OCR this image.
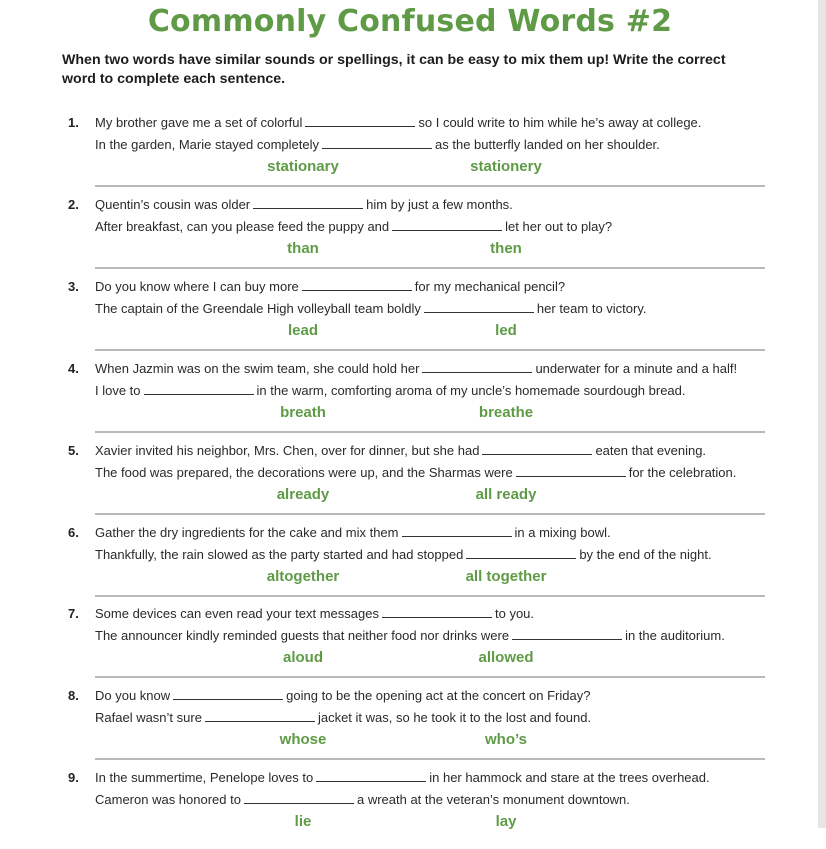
Commonly Confused Words #2
When two words have similar sounds or spellings, it can be easy to mix them up! Write the correct word to complete each sentence.
1. My brother gave me a set of colorful	so I could write to him while he’s away at college.
In the garden, Marie stayed completely	as the butterfly landed on her shoulder.
stationary	stationery
2. Quentin’s cousin was older	him by just a few months.
After breakfast, can you please feed the puppy and	let her out to play?
than	then
3. Do you know where I can buy more	for my mechanical pencil?
The captain of the Greendale High volleyball team boldly	her team to victory.
lead	led
4. When Jazmin was on the swim team, she could hold her	underwater for a minute and a half!
I love to	in the warm, comforting aroma of my uncle’s homemade sourdough bread.
breath	breathe
5. Xavier invited his neighbor, Mrs. Chen, over for dinner, but she had	eaten that evening.
The food was prepared, the decorations were up, and the Sharmas were	for the celebration.
already	all ready
6. Gather the dry ingredients for the cake and mix them	in a mixing bowl.
Thankfully, the rain slowed as the party started and had stopped	by the end of the night.
altogether	all together
7. Some devices can even read your text messages	to you.
The announcer kindly reminded guests that neither food nor drinks were	in the auditorium.
aloud	allowed
8. Do you know	going to be the opening act at the concert on Friday?
Rafael wasn’t sure	jacket it was, so he took it to the lost and found.
whose	who’s
9. In the summertime, Penelope loves to	in her hammock and stare at the trees overhead.
Cameron was honored to	a wreath at the veteran’s monument downtown.
lie	lay
